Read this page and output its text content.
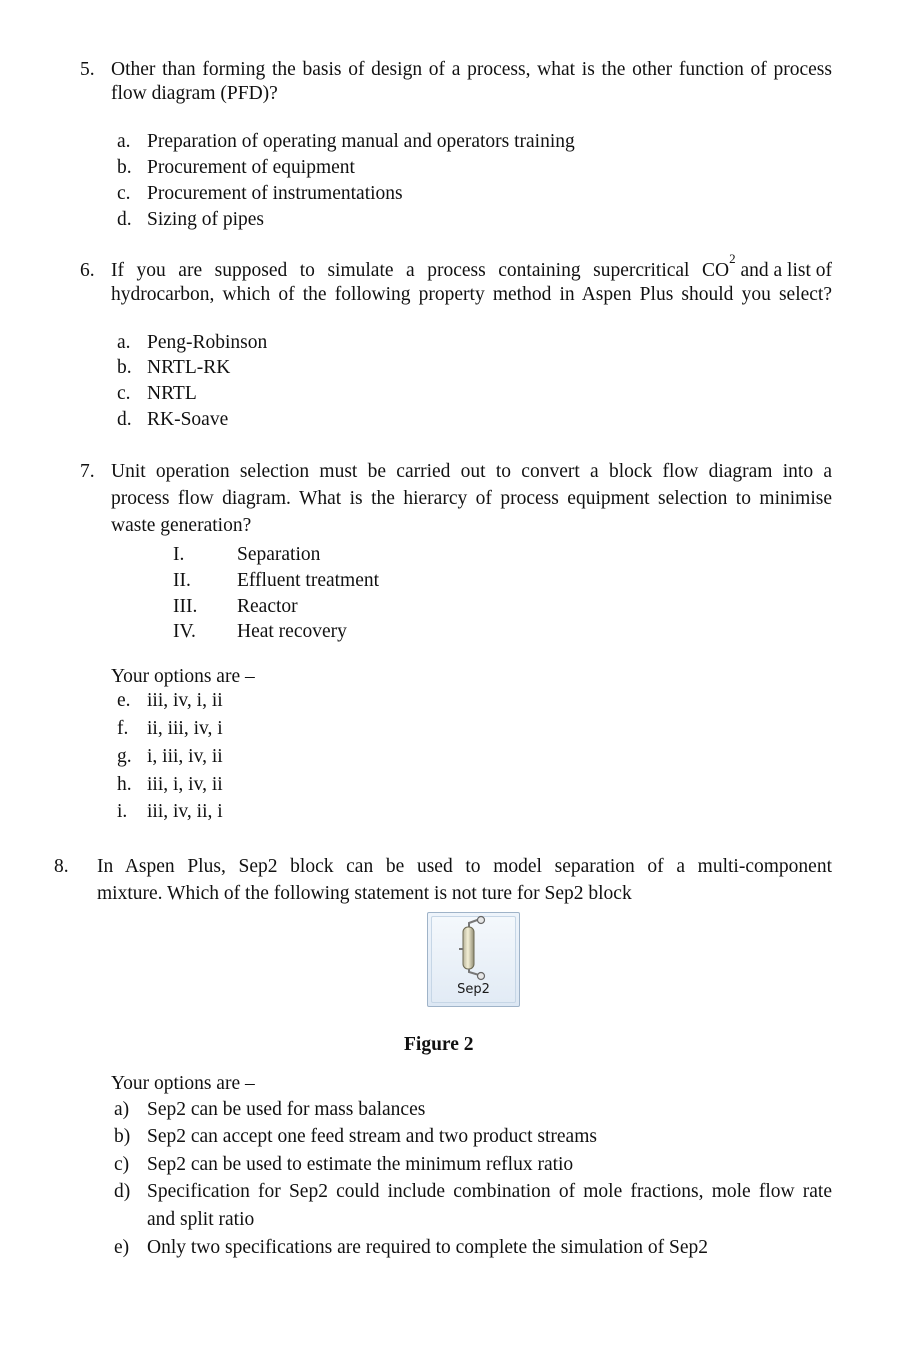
5. Other than forming the basis of design of a process, what is the other function of process
flow diagram (PFD)?
a. Preparation of operating manual and operators training
b. Procurement of equipment
c. Procurement of instrumentations
d. Sizing of pipes
6. If you are supposed to simulate a process containing supercritical CO
2
and a list of
hydrocarbon, which of the following property method in Aspen Plus should you select?
a. Peng-Robinson
b. NRTL-RK
c. NRTL
d. RK-Soave
7. Unit operation selection must be carried out to convert a block flow diagram into a
process flow diagram. What is the hierarcy of process equipment selection to minimise
waste generation?
I.	Separation
II. Effluent treatment
III. Reactor
IV. Heat recovery
Your options are –
e. iii, iv, i, ii
f. ii, iii, iv, i
g. i, iii, iv, ii
h. iii, i, iv, ii
i. iii, iv, ii, i
8. In Aspen Plus, Sep2 block can be used to model separation of a multi-component
mixture. Which of the following statement is not ture for Sep2 block
Sep2
Figure 2
Your options are –
a) Sep2 can be used for mass balances
b) Sep2 can accept one feed stream and two product streams
c) Sep2 can be used to estimate the minimum reflux ratio
d) Specification for Sep2 could include combination of mole fractions, mole flow rate
and split ratio
e) Only two specifications are required to complete the simulation of Sep2
